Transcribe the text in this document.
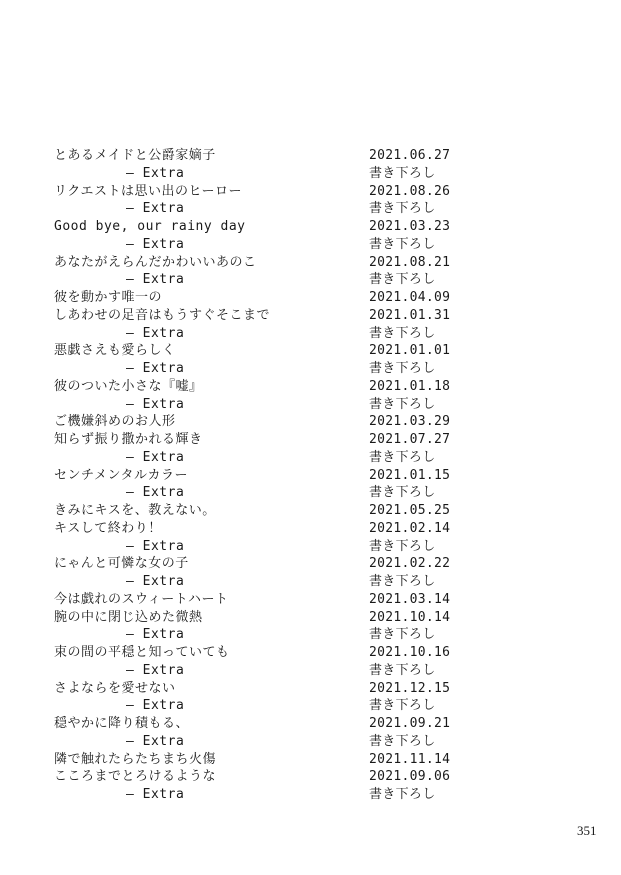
とあるメイドと公爵家嫡子	2021.06.27
— Extra	書き下ろし
リクエストは思い出のヒーロー	2021.08.26
— Extra	書き下ろし
Good bye, our rainy day	2021.03.23
— Extra	書き下ろし
あなたがえらんだかわいいあのこ	2021.08.21
— Extra	書き下ろし
彼を動かす唯一の	2021.04.09
しあわせの足音はもうすぐそこまで	2021.01.31
— Extra	書き下ろし
悪戯さえも愛らしく	2021.01.01
— Extra	書き下ろし
彼のついた小さな『嘘』	2021.01.18
— Extra	書き下ろし
ご機嫌斜めのお人形	2021.03.29
知らず振り撒かれる輝き	2021.07.27
— Extra	書き下ろし
センチメンタルカラー	2021.01.15
— Extra	書き下ろし
きみにキスを、教えない。	2021.05.25
キスして終わり！	2021.02.14
— Extra	書き下ろし
にゃんと可憐な女の子	2021.02.22
— Extra	書き下ろし
今は戯れのスウィートハート	2021.03.14
腕の中に閉じ込めた微熱	2021.10.14
— Extra	書き下ろし
束の間の平穏と知っていても	2021.10.16
— Extra	書き下ろし
さよならを愛せない	2021.12.15
— Extra	書き下ろし
穏やかに降り積もる、	2021.09.21
— Extra	書き下ろし
隣で触れたらたちまち火傷	2021.11.14
こころまでとろけるような	2021.09.06
— Extra	書き下ろし
351
